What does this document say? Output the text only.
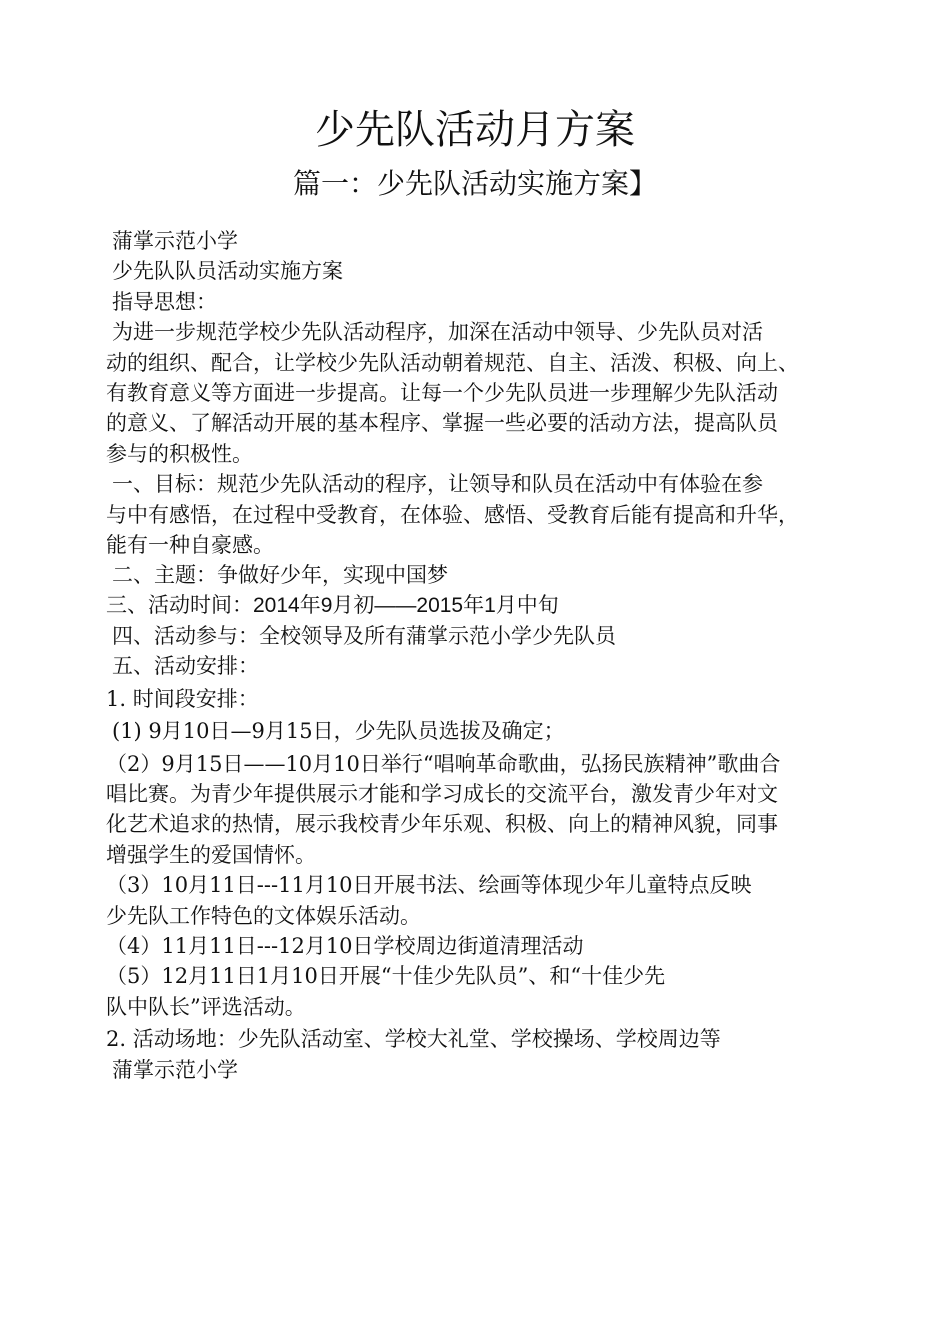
少先队活动月方案
篇一：少先队活动实施方案】
蒲掌示范小学
少先队队员活动实施方案
指导思想：
为进一步规范学校少先队活动程序，加深在活动中领导、少先队员对活
动的组织、配合，让学校少先队活动朝着规范、自主、活泼、积极、向上、
有教育意义等方面进一步提高。让每一个少先队员进一步理解少先队活动
的意义、了解活动开展的基本程序、掌握一些必要的活动方法，提高队员
参与的积极性。
一、目标：规范少先队活动的程序，让领导和队员在活动中有体验在参
与中有感悟，在过程中受教育，在体验、感悟、受教育后能有提高和升华，
能有一种自豪感。
二、主题：争做好少年，实现中国梦
三、活动时间：2014年9月初——2015年1月中旬
四、活动参与：全校领导及所有蒲掌示范小学少先队员
五、活动安排：
1. 时间段安排：
(1) 9月10日—9月15日，少先队员选拔及确定；
（2）9月15日——10月10日举行“唱响革命歌曲，弘扬民族精神”歌曲合
唱比赛。为青少年提供展示才能和学习成长的交流平台，激发青少年对文
化艺术追求的热情，展示我校青少年乐观、积极、向上的精神风貌，同事
增强学生的爱国情怀。
（3）10月11日---11月10日开展书法、绘画等体现少年儿童特点反映
少先队工作特色的文体娱乐活动。
（4）11月11日---12月10日学校周边街道清理活动
（5）12月11日1月10日开展“十佳少先队员”、和“十佳少先
队中队长”评选活动。
2. 活动场地：少先队活动室、学校大礼堂、学校操场、学校周边等
蒲掌示范小学
